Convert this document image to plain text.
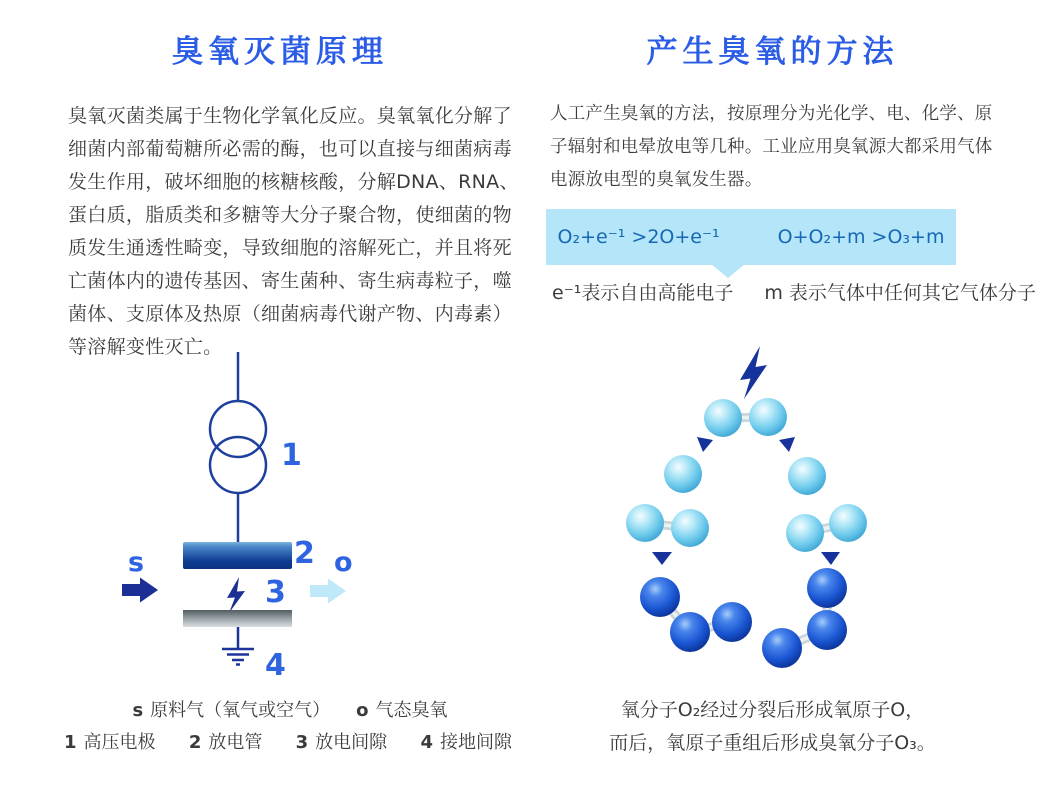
臭氧灭菌原理	产生臭氧的方法
臭氧灭菌类属于生物化学氧化反应。臭氧氧化分解了
细菌内部葡萄糖所必需的酶，也可以直接与细菌病毒
发生作用，破坏细胞的核糖核酸，分解DNA、RNA、
蛋白质，脂质类和多糖等大分子聚合物，使细菌的物
质发生通透性畸变，导致细胞的溶解死亡，并且将死
亡菌体内的遗传基因、寄生菌种、寄生病毒粒子，噬
菌体、支原体及热原（细菌病毒代谢产物、内毒素）
等溶解变性灭亡。
人工产生臭氧的方法，按原理分为光化学、电、化学、原
子辐射和电晕放电等几种。工业应用臭氧源大都采用气体
电源放电型的臭氧发生器。
O₂+e⁻¹ >2O+e⁻¹	O+O₂+m >O₃+m
e⁻¹表示自由高能电子 m 表示气体中任何其它气体分子
1
2
s
3
o
4
s 原料气（氧气或空气） o 气态臭氧
1 高压电极 2 放电管 3 放电间隙 4 接地间隙
氧分子O₂经过分裂后形成氧原子O，
而后，氧原子重组后形成臭氧分子O₃。
